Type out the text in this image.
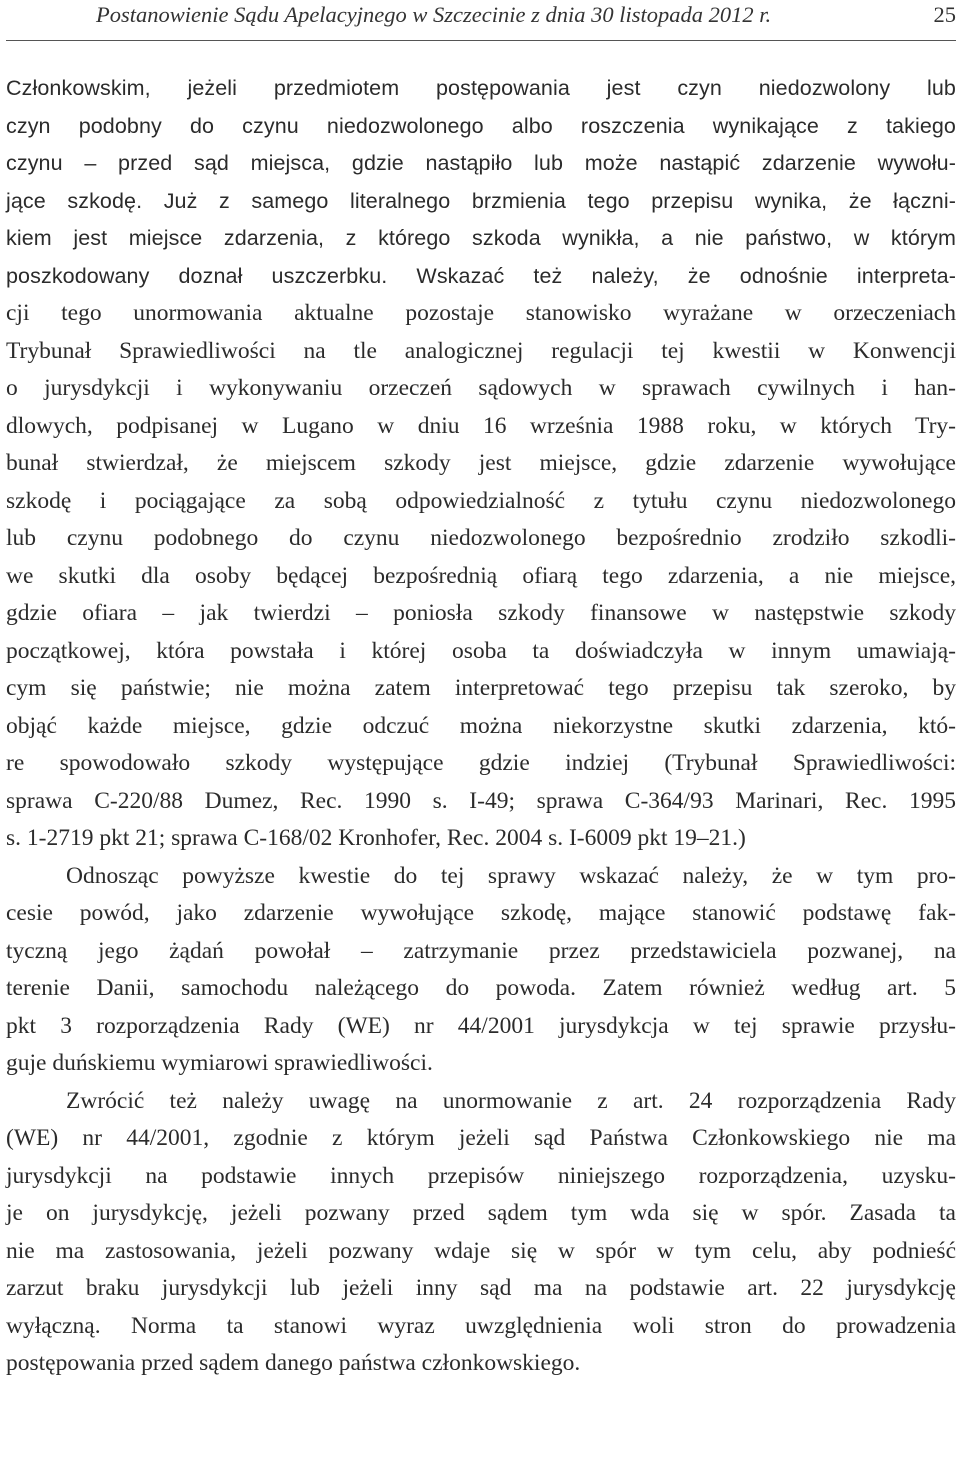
Postanowienie Sądu Apelacyjnego w Szczecinie z dnia 30 listopada 2012 r.	25
Członkowskim, jeżeli przedmiotem postępowania jest czyn niedozwolony lub
czyn podobny do czynu niedozwolonego albo roszczenia wynikające z takiego
czynu – przed sąd miejsca, gdzie nastąpiło lub może nastąpić zdarzenie wywołu-
jące szkodę. Już z samego literalnego brzmienia tego przepisu wynika, że łączni-
kiem jest miejsce zdarzenia, z którego szkoda wynikła, a nie państwo, w którym
poszkodowany doznał uszczerbku. Wskazać też należy, że odnośnie interpreta-
cji tego unormowania aktualne pozostaje stanowisko wyrażane w orzeczeniach
Trybunał Sprawiedliwości na tle analogicznej regulacji tej kwestii w Konwencji
o jurysdykcji i wykonywaniu orzeczeń sądowych w sprawach cywilnych i han-
dlowych, podpisanej w Lugano w dniu 16 września 1988 roku, w których Try-
bunał stwierdzał, że miejscem szkody jest miejsce, gdzie zdarzenie wywołujące
szkodę i pociągające za sobą odpowiedzialność z tytułu czynu niedozwolonego
lub czynu podobnego do czynu niedozwolonego bezpośrednio zrodziło szkodli-
we skutki dla osoby będącej bezpośrednią ofiarą tego zdarzenia, a nie miejsce,
gdzie ofiara – jak twierdzi – poniosła szkody finansowe w następstwie szkody
początkowej, która powstała i której osoba ta doświadczyła w innym umawiają-
cym się państwie; nie można zatem interpretować tego przepisu tak szeroko, by
objąć każde miejsce, gdzie odczuć można niekorzystne skutki zdarzenia, któ-
re spowodowało szkody występujące gdzie indziej (Trybunał Sprawiedliwości:
sprawa C-220/88 Dumez, Rec. 1990 s. I-49; sprawa C-364/93 Marinari, Rec. 1995
s. 1-2719 pkt 21; sprawa C-168/02 Kronhofer, Rec. 2004 s. I-6009 pkt 19–21.)
Odnosząc powyższe kwestie do tej sprawy wskazać należy, że w tym pro-
cesie powód, jako zdarzenie wywołujące szkodę, mające stanowić podstawę fak-
tyczną jego żądań powołał – zatrzymanie przez przedstawiciela pozwanej, na
terenie Danii, samochodu należącego do powoda. Zatem również według art. 5
pkt 3 rozporządzenia Rady (WE) nr 44/2001 jurysdykcja w tej sprawie przysłu-
guje duńskiemu wymiarowi sprawiedliwości.
Zwrócić też należy uwagę na unormowanie z art. 24 rozporządzenia Rady
(WE) nr 44/2001, zgodnie z którym jeżeli sąd Państwa Członkowskiego nie ma
jurysdykcji na podstawie innych przepisów niniejszego rozporządzenia, uzysku-
je on jurysdykcję, jeżeli pozwany przed sądem tym wda się w spór. Zasada ta
nie ma zastosowania, jeżeli pozwany wdaje się w spór w tym celu, aby podnieść
zarzut braku jurysdykcji lub jeżeli inny sąd ma na podstawie art. 22 jurysdykcję
wyłączną. Norma ta stanowi wyraz uwzględnienia woli stron do prowadzenia
postępowania przed sądem danego państwa członkowskiego.
